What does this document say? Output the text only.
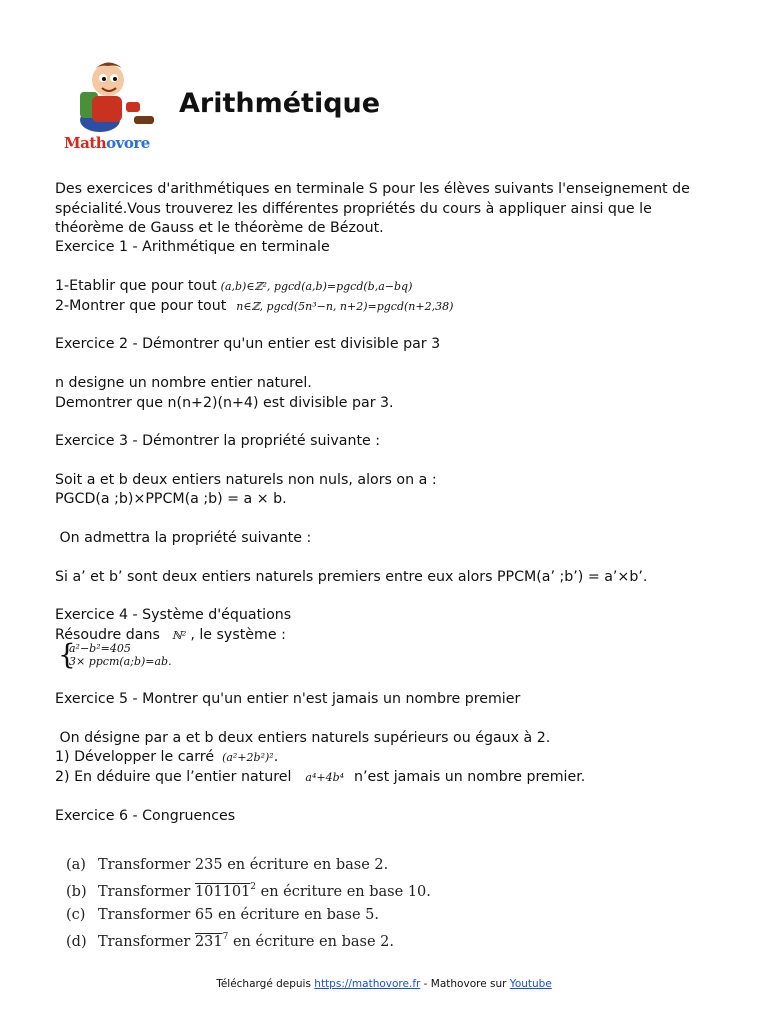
Mathovore
Arithmétique
Des exercices d'arithmétiques en terminale S pour les élèves suivants l'enseignement de
spécialité.Vous trouverez les différentes propriétés du cours à appliquer ainsi que le
théorème de Gauss et le théorème de Bézout.
Exercice 1 - Arithmétique en terminale
1-Etablir que pour tout (a,b)∈ℤ², pgcd(a,b)=pgcd(b,a−bq)
2-Montrer que pour tout n∈ℤ, pgcd(5n³−n, n+2)=pgcd(n+2,38)
Exercice 2 - Démontrer qu'un entier est divisible par 3
n designe un nombre entier naturel.
Demontrer que n(n+2)(n+4) est divisible par 3.
Exercice 3 - Démontrer la propriété suivante :
Soit a et b deux entiers naturels non nuls, alors on a :
PGCD(a ;b)×PPCM(a ;b) = a × b.
On admettra la propriété suivante :
Si a’ et b’ sont deux entiers naturels premiers entre eux alors PPCM(a’ ;b’) = a’×b’.
Exercice 4 - Système d'équations
Résoudre dans ℕ² , le système :
{
a²−b²=405
3× ppcm(a;b)=ab.
Exercice 5 - Montrer qu'un entier n'est jamais un nombre premier
On désigne par a et b deux entiers naturels supérieurs ou égaux à 2.
1) Développer le carré (a²+2b²)².
2) En déduire que l’entier naturel a⁴+4b⁴ n’est jamais un nombre premier.
Exercice 6 - Congruences
(a) Transformer 235 en écriture en base 2.
(b) Transformer 101101$^2$ en écriture en base 10.
(c) Transformer 65 en écriture en base 5.
(d) Transformer $231^7$ en écriture en base 2.
Téléchargé depuis https://mathovore.fr - Mathovore sur Youtube
